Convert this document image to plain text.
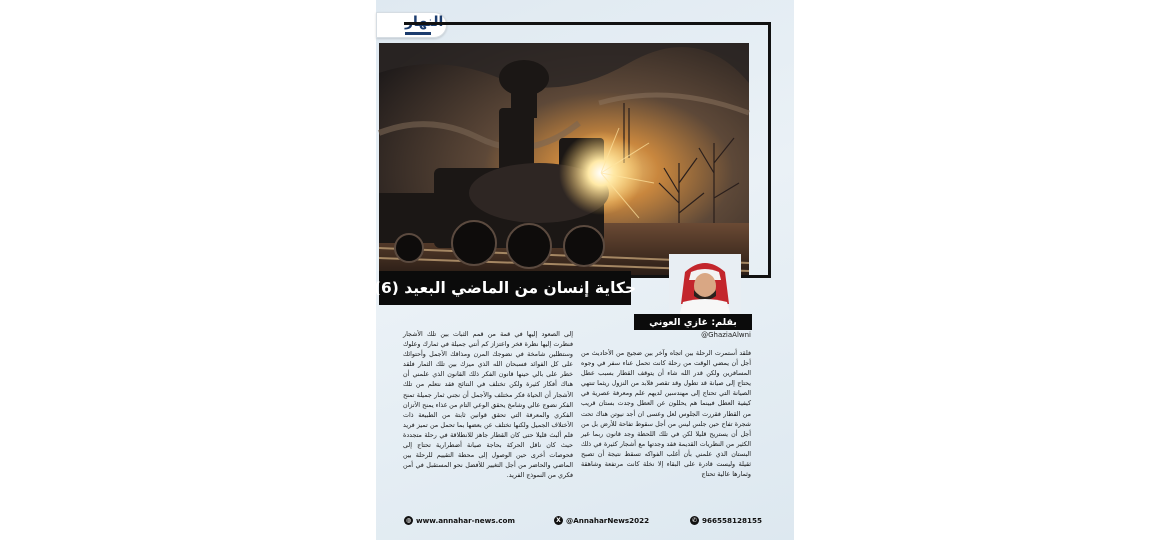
النهار
حكاية إنسان من الماضي البعيد (6)
بقلم: غازي العوني
@GhaziaAlwni

فلقد أستمرت الرحلة بين اتجاه وآخر بين ضجيج من الأحاديث من أجل أن يمضي الوقت من رحلة كانت تحمل عناء سفر في وجوه المسافرين ولكن قدر الله شاء أن يتوقف القطار بسبب عطل يحتاج إلى صيانة قد تطول وقد تقصر فلابد من النزول ريثما تنتهي الصيانة التي تحتاج إلى مهندسين لديهم علم ومعرفة عصرية في كيفية العطل فبينما هم يحللون عن العطل وجدت بستان قريب من القطار فقررت الجلوس لعل وعسى ان أجد نيوتن هناك تحت شجرة تفاح حين جلس ليس من أجل سقوط تفاحة للأرض بل من أجل أن يستريح قليلا لكن في تلك اللحظة وجد قانون ربما غير الكثير من النظريات القديمة فقد وجدتها مع أشجار كثيرة في ذلك البستان الذي علمني بأن أغلب الفواكه تسقط نتيجة أن تصبح ثقيلة وليست قادرة على البقاء إلا نخلة كانت مرتفعة وشاهقة وثمارها عالية تحتاج

إلى الصعود إليها في قمة من قمم الثبات بين تلك الأشجار فنظرت إليها نظرة فخر واعتزاز كم أنتي جميلة في ثمارك وعلوك وستظلين شامخة في نضوجك المرن ومذاقك الأجمل وأحتوائك على كل الفوائد فسبحان الله الذي ميزك بين تلك الثمار فلقد خطر على بالي حينها قانون الفكر ذلك القانون الذي علمني أن هناك أفكار كثيرة ولكن تختلف في النتائج فقد نتعلم من تلك الأشجار أن الحياة فكر مختلف والأجمل أن نجني ثمار جميلة تمنح الفكر نضوج عالي وشامخ يحقق الوعي التام من غذاء يمنح الأتزان الفكري والمعرفة التي تحقق قوانين ثابتة من الطبيعة ذات الأختلاف الجميل ولكنها تختلف عن بعضها بما تحمل من تميز فريد فلم ألبث قليلا حتى كان القطار جاهز للانطلاقة في رحلة متجددة حيث كان ناقل الحركة بحاجة صيانة أضطرارية تحتاج إلى فحوصات أخرى حين الوصول إلى محطة التقييم للرحلة بين الماضي والحاضر من أجل التغيير للأفضل نحو المستقبل في أمن فكري من النموذج الفريد.

◍ www.annahar-news.com	X @AnnaharNews2022	✆ 966558128155
